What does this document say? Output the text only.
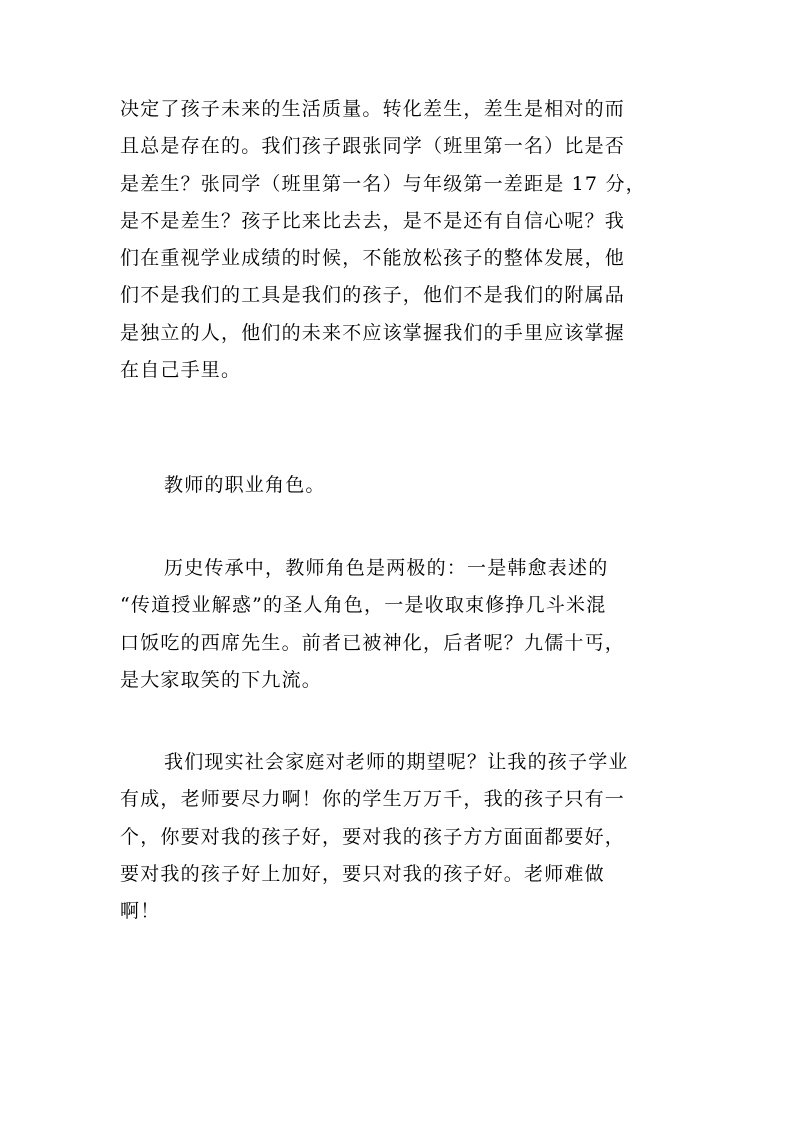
决定了孩子未来的生活质量。转化差生，差生是相对的而
且总是存在的。我们孩子跟张同学（班里第一名）比是否
是差生？张同学（班里第一名）与年级第一差距是 17 分，
是不是差生？孩子比来比去去，是不是还有自信心呢？我
们在重视学业成绩的时候，不能放松孩子的整体发展，他
们不是我们的工具是我们的孩子，他们不是我们的附属品
是独立的人，他们的未来不应该掌握我们的手里应该掌握
在自己手里。

教师的职业角色。

历史传承中，教师角色是两极的：一是韩愈表述的
“传道授业解惑”的圣人角色，一是收取束修挣几斗米混
口饭吃的西席先生。前者已被神化，后者呢？九儒十丐，
是大家取笑的下九流。

我们现实社会家庭对老师的期望呢？让我的孩子学业
有成，老师要尽力啊！你的学生万万千，我的孩子只有一
个，你要对我的孩子好，要对我的孩子方方面面都要好，
要对我的孩子好上加好，要只对我的孩子好。老师难做
啊！
